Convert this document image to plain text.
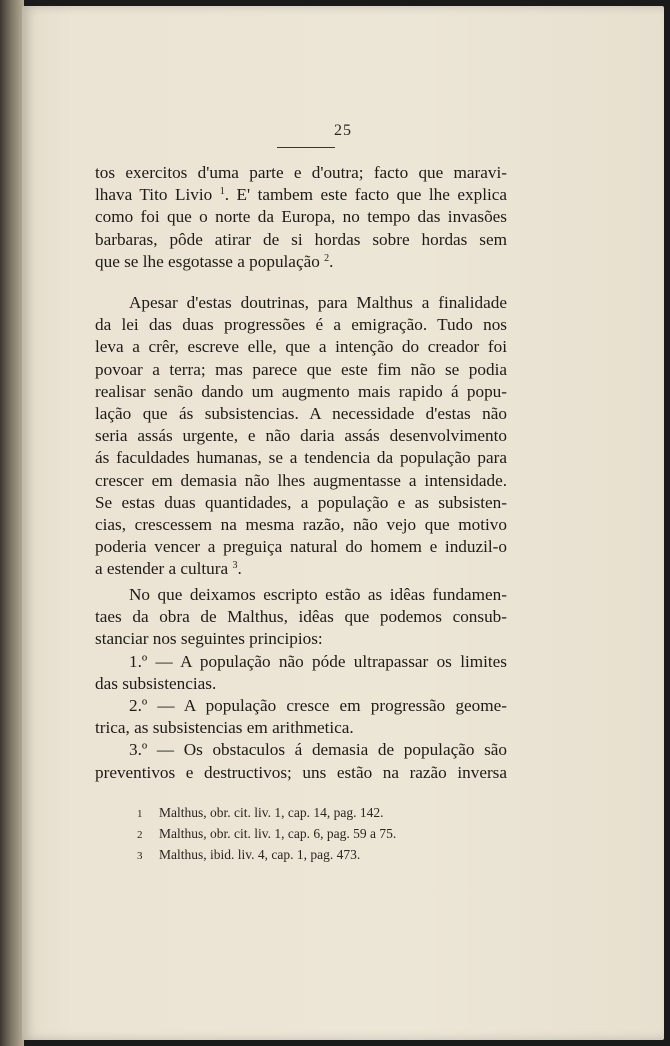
25
tos exercitos d'uma parte e d'outra; facto que maravi-
lhava Tito Livio $^1$. E' tambem este facto que lhe explica
como foi que o norte da Europa, no tempo das invasões
barbaras, pôde atirar de si hordas sobre hordas sem
que se lhe esgotasse a população $^2$.
Apesar d'estas doutrinas, para Malthus a finalidade
da lei das duas progressões é a emigração. Tudo nos
leva a crêr, escreve elle, que a intenção do creador foi
povoar a terra; mas parece que este fim não se podia
realisar senão dando um augmento mais rapido á popu-
lação que ás subsistencias. A necessidade d'estas não
seria assás urgente, e não daria assás desenvolvimento
ás faculdades humanas, se a tendencia da população para
crescer em demasia não lhes augmentasse a intensidade.
Se estas duas quantidades, a população e as subsisten-
cias, crescessem na mesma razão, não vejo que motivo
poderia vencer a preguiça natural do homem e induzil-o
a estender a cultura $^3$.
No que deixamos escripto estão as idêas fundamen-
taes da obra de Malthus, idêas que podemos consub-
stanciar nos seguintes principios:
1.º — A população não póde ultrapassar os limites
das subsistencias.
2.º — A população cresce em progressão geome-
trica, as subsistencias em arithmetica.
3.º — Os obstaculos á demasia de população são
preventivos e destructivos; uns estão na razão inversa
1 Malthus, obr. cit. liv. 1, cap. 14, pag. 142.
2 Malthus, obr. cit. liv. 1, cap. 6, pag. 59 a 75.
3 Malthus, ibid. liv. 4, cap. 1, pag. 473.
